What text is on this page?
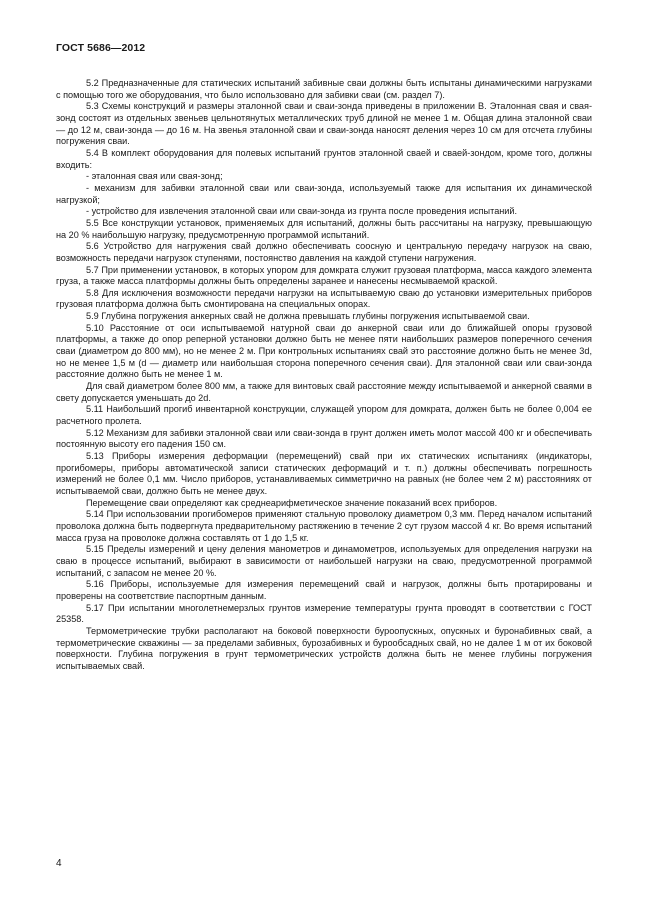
ГОСТ 5686—2012

5.2 Предназначенные для статических испытаний забивные сваи должны быть испытаны динамическими нагрузками с помощью того же оборудования, что было использовано для забивки сваи (см. раздел 7).

5.3 Схемы конструкций и размеры эталонной сваи и сваи-зонда приведены в приложении В. Эталонная свая и свая-зонд состоят из отдельных звеньев цельнотянутых металлических труб длиной не менее 1 м. Общая длина эталонной сваи — до 12 м, сваи-зонда — до 16 м. На звенья эталонной сваи и сваи-зонда наносят деления через 10 см для отсчета глубины погружения сваи.

5.4 В комплект оборудования для полевых испытаний грунтов эталонной сваей и сваей-зондом, кроме того, должны входить:

- эталонная свая или свая-зонд;

- механизм для забивки эталонной сваи или сваи-зонда, используемый также для испытания их динамической нагрузкой;

- устройство для извлечения эталонной сваи или сваи-зонда из грунта после проведения испытаний.

5.5 Все конструкции установок, применяемых для испытаний, должны быть рассчитаны на нагрузку, превышающую на 20 % наибольшую нагрузку, предусмотренную программой испытаний.

5.6 Устройство для нагружения свай должно обеспечивать соосную и центральную передачу нагрузок на сваю, возможность передачи нагрузок ступенями, постоянство давления на каждой ступени нагружения.

5.7 При применении установок, в которых упором для домкрата служит грузовая платформа, масса каждого элемента груза, а также масса платформы должны быть определены заранее и нанесены несмываемой краской.

5.8 Для исключения возможности передачи нагрузки на испытываемую сваю до установки измерительных приборов грузовая платформа должна быть смонтирована на специальных опорах.

5.9 Глубина погружения анкерных свай не должна превышать глубины погружения испытываемой сваи.

5.10 Расстояние от оси испытываемой натурной сваи до анкерной сваи или до ближайшей опоры грузовой платформы, а также до опор реперной установки должно быть не менее пяти наибольших размеров поперечного сечения сваи (диаметром до 800 мм), но не менее 2 м. При контрольных испытаниях свай это расстояние должно быть не менее 3d, но не менее 1,5 м (d — диаметр или наибольшая сторона поперечного сечения сваи). Для эталонной сваи или сваи-зонда расстояние должно быть не менее 1 м.

Для свай диаметром более 800 мм, а также для винтовых свай расстояние между испытываемой и анкерной сваями в свету допускается уменьшать до 2d.

5.11 Наибольший прогиб инвентарной конструкции, служащей упором для домкрата, должен быть не более 0,004 ее расчетного пролета.

5.12 Механизм для забивки эталонной сваи или сваи-зонда в грунт должен иметь молот массой 400 кг и обеспечивать постоянную высоту его падения 150 см.

5.13 Приборы измерения деформации (перемещений) свай при их статических испытаниях (индикаторы, прогибомеры, приборы автоматической записи статических деформаций и т. п.) должны обеспечивать погрешность измерений не более 0,1 мм. Число приборов, устанавливаемых симметрично на равных (не более чем 2 м) расстояниях от испытываемой сваи, должно быть не менее двух.

Перемещение сваи определяют как среднеарифметическое значение показаний всех приборов.

5.14 При использовании прогибомеров применяют стальную проволоку диаметром 0,3 мм. Перед началом испытаний проволока должна быть подвергнута предварительному растяжению в течение 2 сут грузом массой 4 кг. Во время испытаний масса груза на проволоке должна составлять от 1 до 1,5 кг.

5.15 Пределы измерений и цену деления манометров и динамометров, используемых для определения нагрузки на сваю в процессе испытаний, выбирают в зависимости от наибольшей нагрузки на сваю, предусмотренной программой испытаний, с запасом не менее 20 %.

5.16 Приборы, используемые для измерения перемещений свай и нагрузок, должны быть протарированы и проверены на соответствие паспортным данным.

5.17 При испытании многолетнемерзлых грунтов измерение температуры грунта проводят в соответствии с ГОСТ 25358.

Термометрические трубки располагают на боковой поверхности бурoопускных, опускных и буронабивных свай, а термометрические скважины — за пределами забивных, бурозабивных и бурообсадных свай, но не далее 1 м от их боковой поверхности. Глубина погружения в грунт термометрических устройств должна быть не менее глубины погружения испытываемых свай.

4
